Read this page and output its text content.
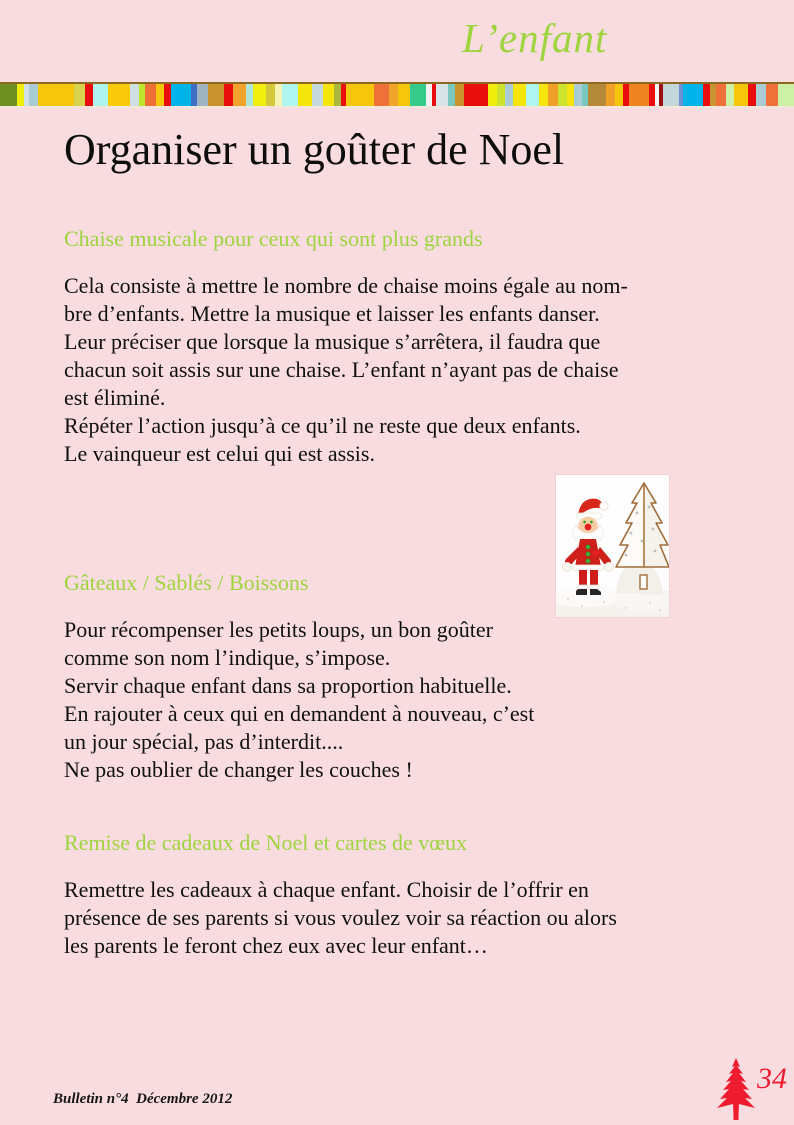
L’enfant
Organiser un goûter de Noel
Chaise musicale pour ceux qui sont plus grands
Cela consiste à mettre le nombre de chaise moins égale au nom-
bre d’enfants. Mettre la musique et laisser les enfants danser.
Leur préciser que lorsque la musique s’arrêtera, il faudra que
chacun soit assis sur une chaise. L’enfant n’ayant pas de chaise
est éliminé.
Répéter l’action jusqu’à ce qu’il ne reste que deux enfants.
Le vainqueur est celui qui est assis.
Gâteaux / Sablés / Boissons
Pour récompenser les petits loups, un bon goûter
comme son nom l’indique, s’impose.
Servir chaque enfant dans sa proportion habituelle.
En rajouter à ceux qui en demandent à nouveau, c’est
un jour spécial, pas d’interdit....
Ne pas oublier de changer les couches !
Remise de cadeaux de Noel et cartes de vœux
Remettre les cadeaux à chaque enfant. Choisir de l’offrir en
présence de ses parents si vous voulez voir sa réaction ou alors
les parents le feront chez eux avec leur enfant…
Bulletin n°4  Décembre 2012
34
